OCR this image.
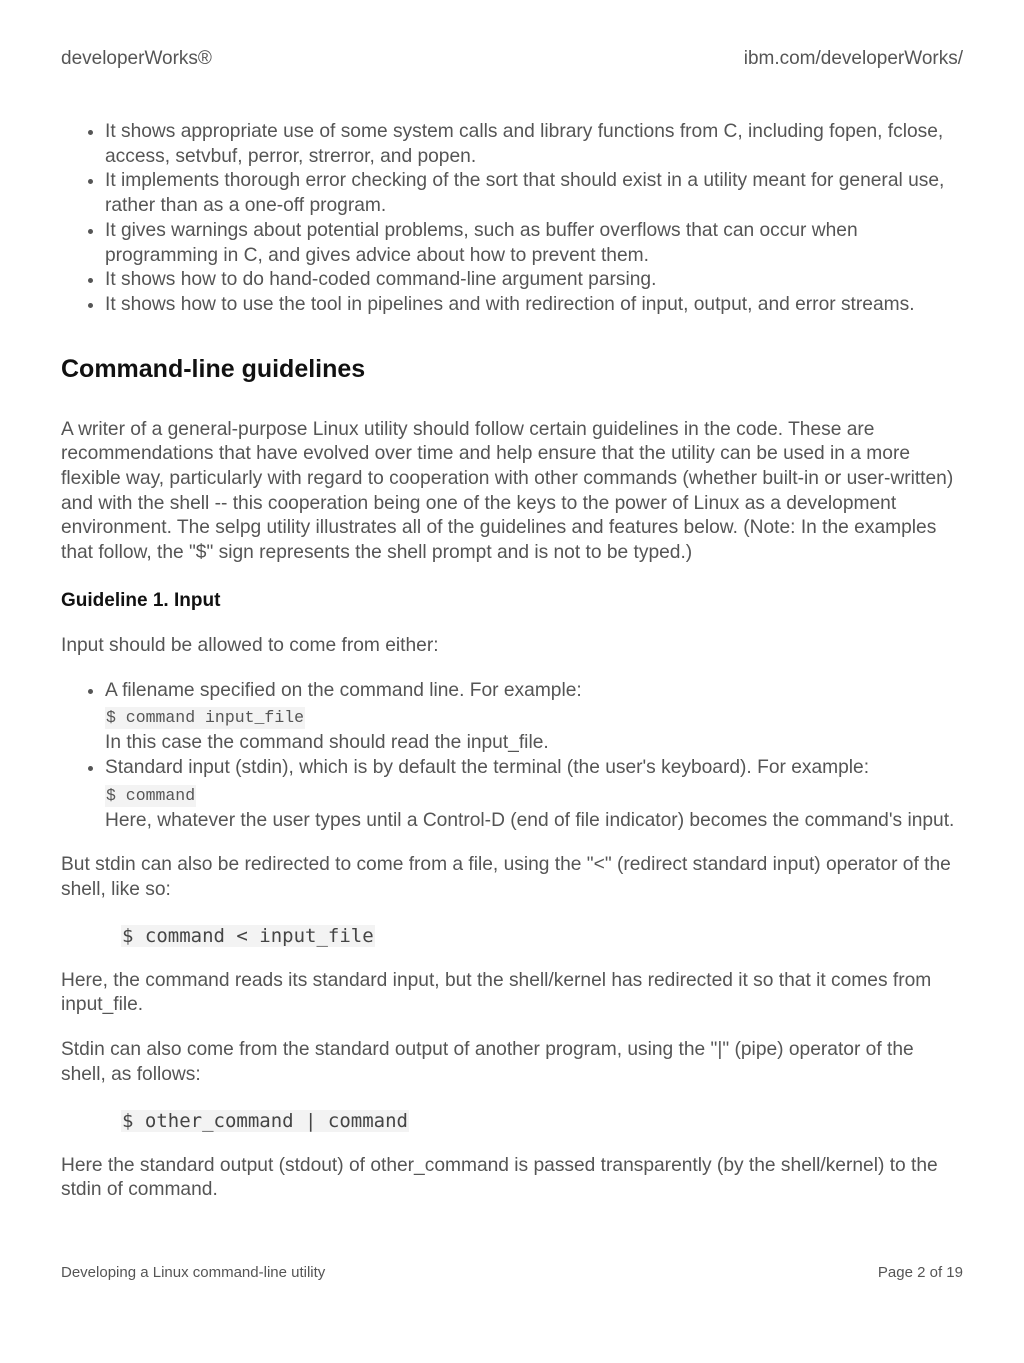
developerWorks®	ibm.com/developerWorks/
• It shows appropriate use of some system calls and library functions from C, including fopen, fclose, access, setvbuf, perror, strerror, and popen.
• It implements thorough error checking of the sort that should exist in a utility meant for general use, rather than as a one-off program.
• It gives warnings about potential problems, such as buffer overflows that can occur when programming in C, and gives advice about how to prevent them.
• It shows how to do hand-coded command-line argument parsing.
• It shows how to use the tool in pipelines and with redirection of input, output, and error streams.
Command-line guidelines

A writer of a general-purpose Linux utility should follow certain guidelines in the code. These are recommendations that have evolved over time and help ensure that the utility can be used in a more flexible way, particularly with regard to cooperation with other commands (whether built-in or user-written) and with the shell -- this cooperation being one of the keys to the power of Linux as a development environment. The selpg utility illustrates all of the guidelines and features below. (Note: In the examples that follow, the "$" sign represents the shell prompt and is not to be typed.)

Guideline 1. Input

Input should be allowed to come from either:

• A filename specified on the command line. For example:
$ command input_file
In this case the command should read the input_file.
• Standard input (stdin), which is by default the terminal (the user's keyboard). For example:
$ command
Here, whatever the user types until a Control-D (end of file indicator) becomes the command's input.

But stdin can also be redirected to come from a file, using the "<" (redirect standard input) operator of the shell, like so:

$ command < input_file

Here, the command reads its standard input, but the shell/kernel has redirected it so that it comes from input_file.

Stdin can also come from the standard output of another program, using the "|" (pipe) operator of the shell, as follows:

$ other_command | command

Here the standard output (stdout) of other_command is passed transparently (by the shell/kernel) to the stdin of command.

Developing a Linux command-line utility	Page 2 of 19
